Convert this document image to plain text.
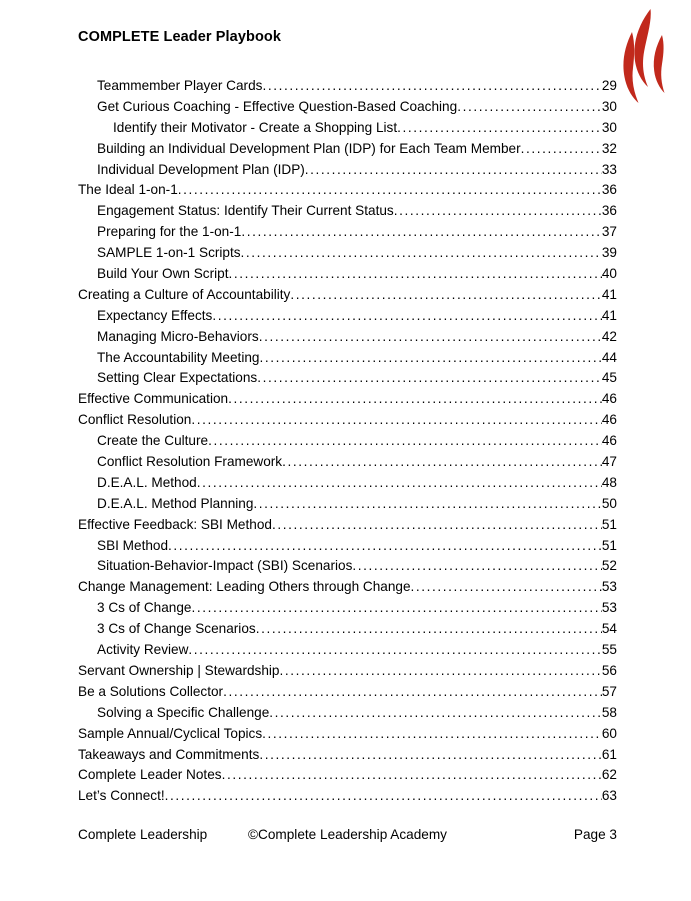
COMPLETE Leader Playbook
Teammember Player Cards .....	29
Get Curious Coaching - Effective Question-Based Coaching .....	30
Identify their Motivator - Create a Shopping List .....	30
Building an Individual Development Plan (IDP) for Each Team Member .....	32
Individual Development Plan (IDP) .....	33
The Ideal 1-on-1 .....	36
Engagement Status: Identify Their Current Status .....	36
Preparing for the 1-on-1 .....	37
SAMPLE 1-on-1 Scripts .....	39
Build Your Own Script .....	40
Creating a Culture of Accountability .....	41
Expectancy Effects .....	41
Managing Micro-Behaviors .....	42
The Accountability Meeting .....	44
Setting Clear Expectations .....	45
Effective Communication .....	46
Conflict Resolution .....	46
Create the Culture .....	46
Conflict Resolution Framework .....	47
D.E.A.L. Method .....	48
D.E.A.L. Method Planning .....	50
Effective Feedback: SBI Method .....	51
SBI Method .....	51
Situation-Behavior-Impact (SBI) Scenarios .....	52
Change Management: Leading Others through Change .....	53
3 Cs of Change .....	53
3 Cs of Change Scenarios .....	54
Activity Review .....	55
Servant Ownership | Stewardship .....	56
Be a Solutions Collector .....	57
Solving a Specific Challenge .....	58
Sample Annual/Cyclical Topics .....	60
Takeaways and Commitments .....	61
Complete Leader Notes .....	62
Let’s Connect! .....	63
Complete Leadership	©Complete Leadership Academy	Page 3
